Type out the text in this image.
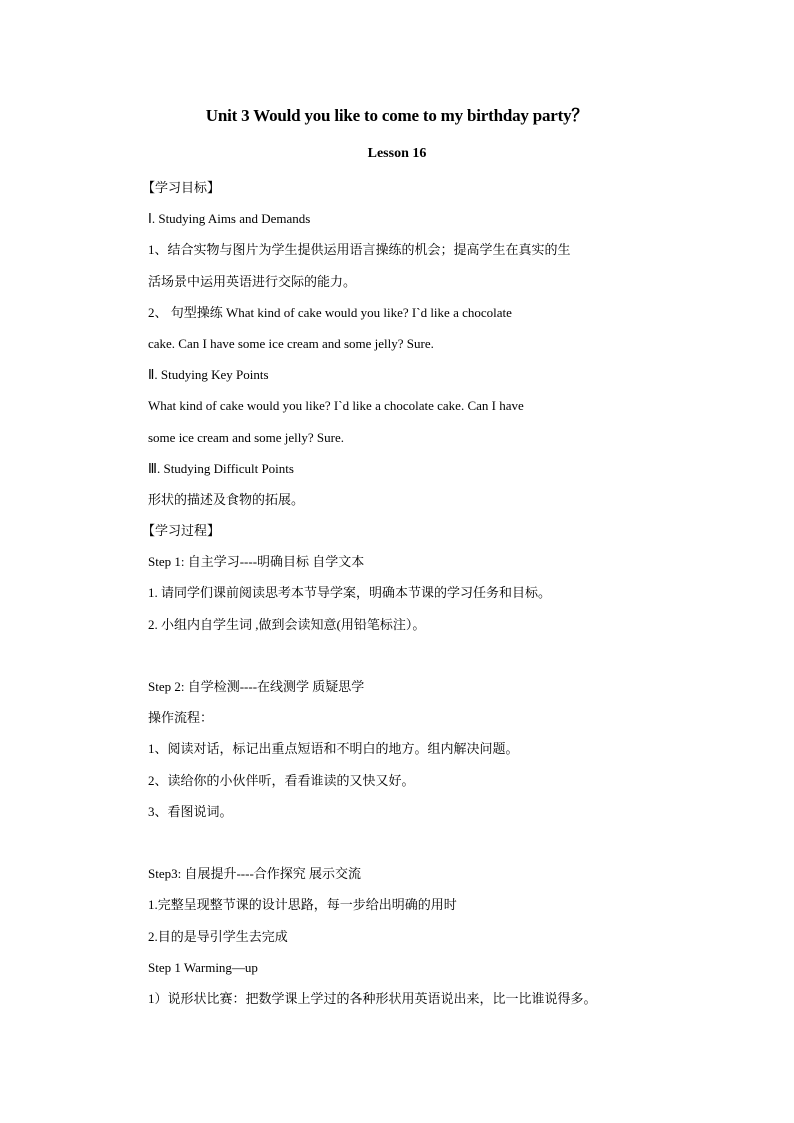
Unit 3 Would you like to come to my birthday party？
Lesson 16
【学习目标】
Ⅰ. Studying Aims and Demands
1、结合实物与图片为学生提供运用语言操练的机会；提高学生在真实的生
活场景中运用英语进行交际的能力。
2、 句型操练 What kind of cake would you like? I`d like a chocolate
cake. Can I have some ice cream and some jelly? Sure.
Ⅱ. Studying Key Points
What kind of cake would you like? I`d like a chocolate cake. Can I have
some ice cream and some jelly? Sure.
Ⅲ. Studying Difficult Points
形状的描述及食物的拓展。
【学习过程】
Step 1: 自主学习----明确目标 自学文本
1. 请同学们课前阅读思考本节导学案，明确本节课的学习任务和目标。
2. 小组内自学生词 ,做到会读知意(用铅笔标注）。
Step 2: 自学检测----在线测学 质疑思学
操作流程：
1、阅读对话，标记出重点短语和不明白的地方。组内解决问题。
2、读给你的小伙伴听，看看谁读的又快又好。
3、看图说词。
Step3: 自展提升----合作探究 展示交流
1.完整呈现整节课的设计思路，每一步给出明确的用时
2.目的是导引学生去完成
Step 1 Warming—up
1）说形状比赛：把数学课上学过的各种形状用英语说出来，比一比谁说得多。
